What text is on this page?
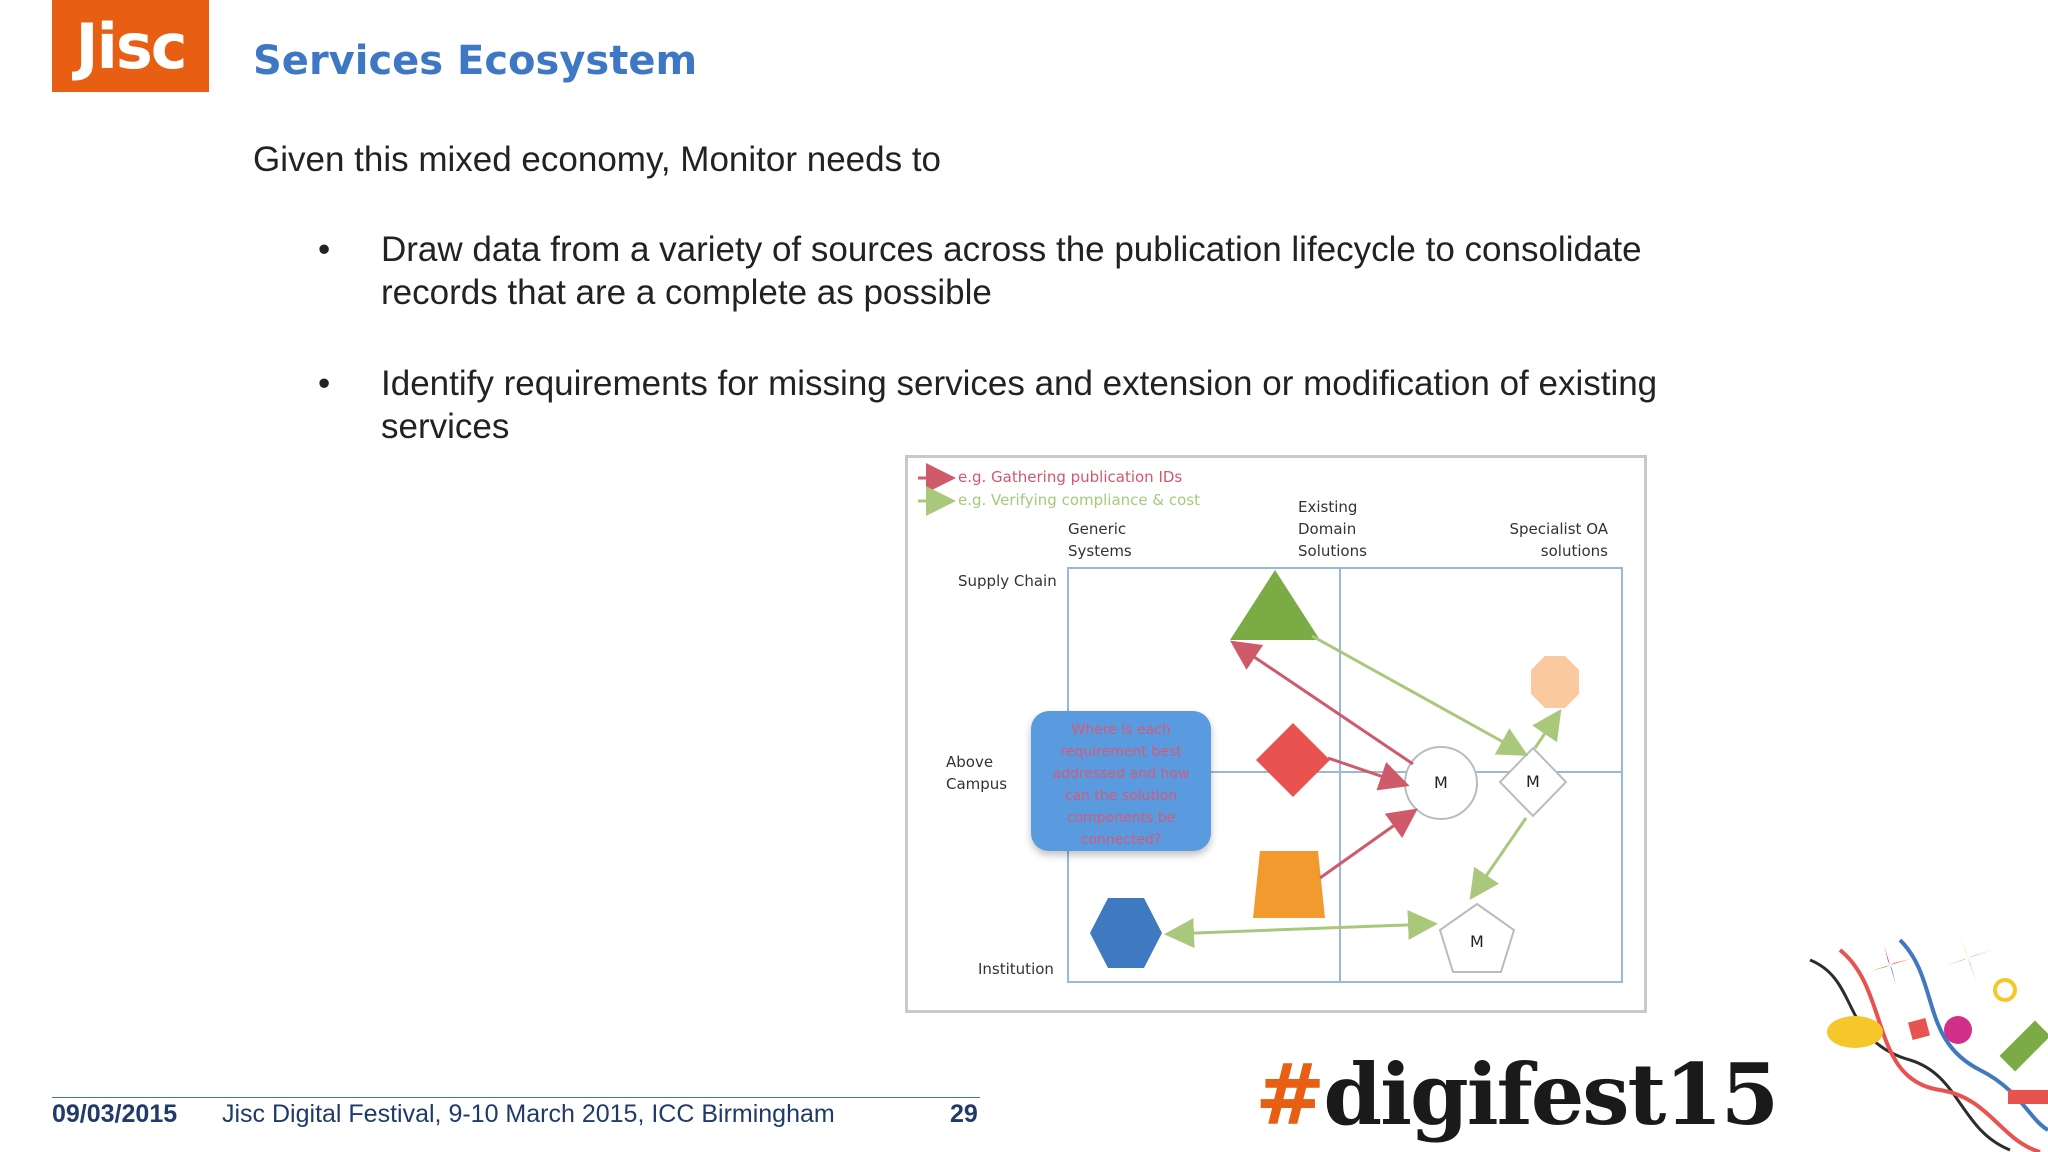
Jisc	Services Ecosystem
Given this mixed economy, Monitor needs to
• Draw data from a variety of sources across the publication lifecycle to consolidate records that are a complete as possible
• Identify requirements for missing services and extension or modification of existing services
e.g. Gathering publication IDs
e.g. Verifying compliance & cost
Generic Systems
Existing Domain Solutions
Specialist OA solutions
Supply Chain
Above Campus
Institution
Where is each requirement best addressed and how can the solution components be connected?
M	M
M
09/03/2015 Jisc Digital Festival, 9-10 March 2015, ICC Birmingham	29	#digifest15
